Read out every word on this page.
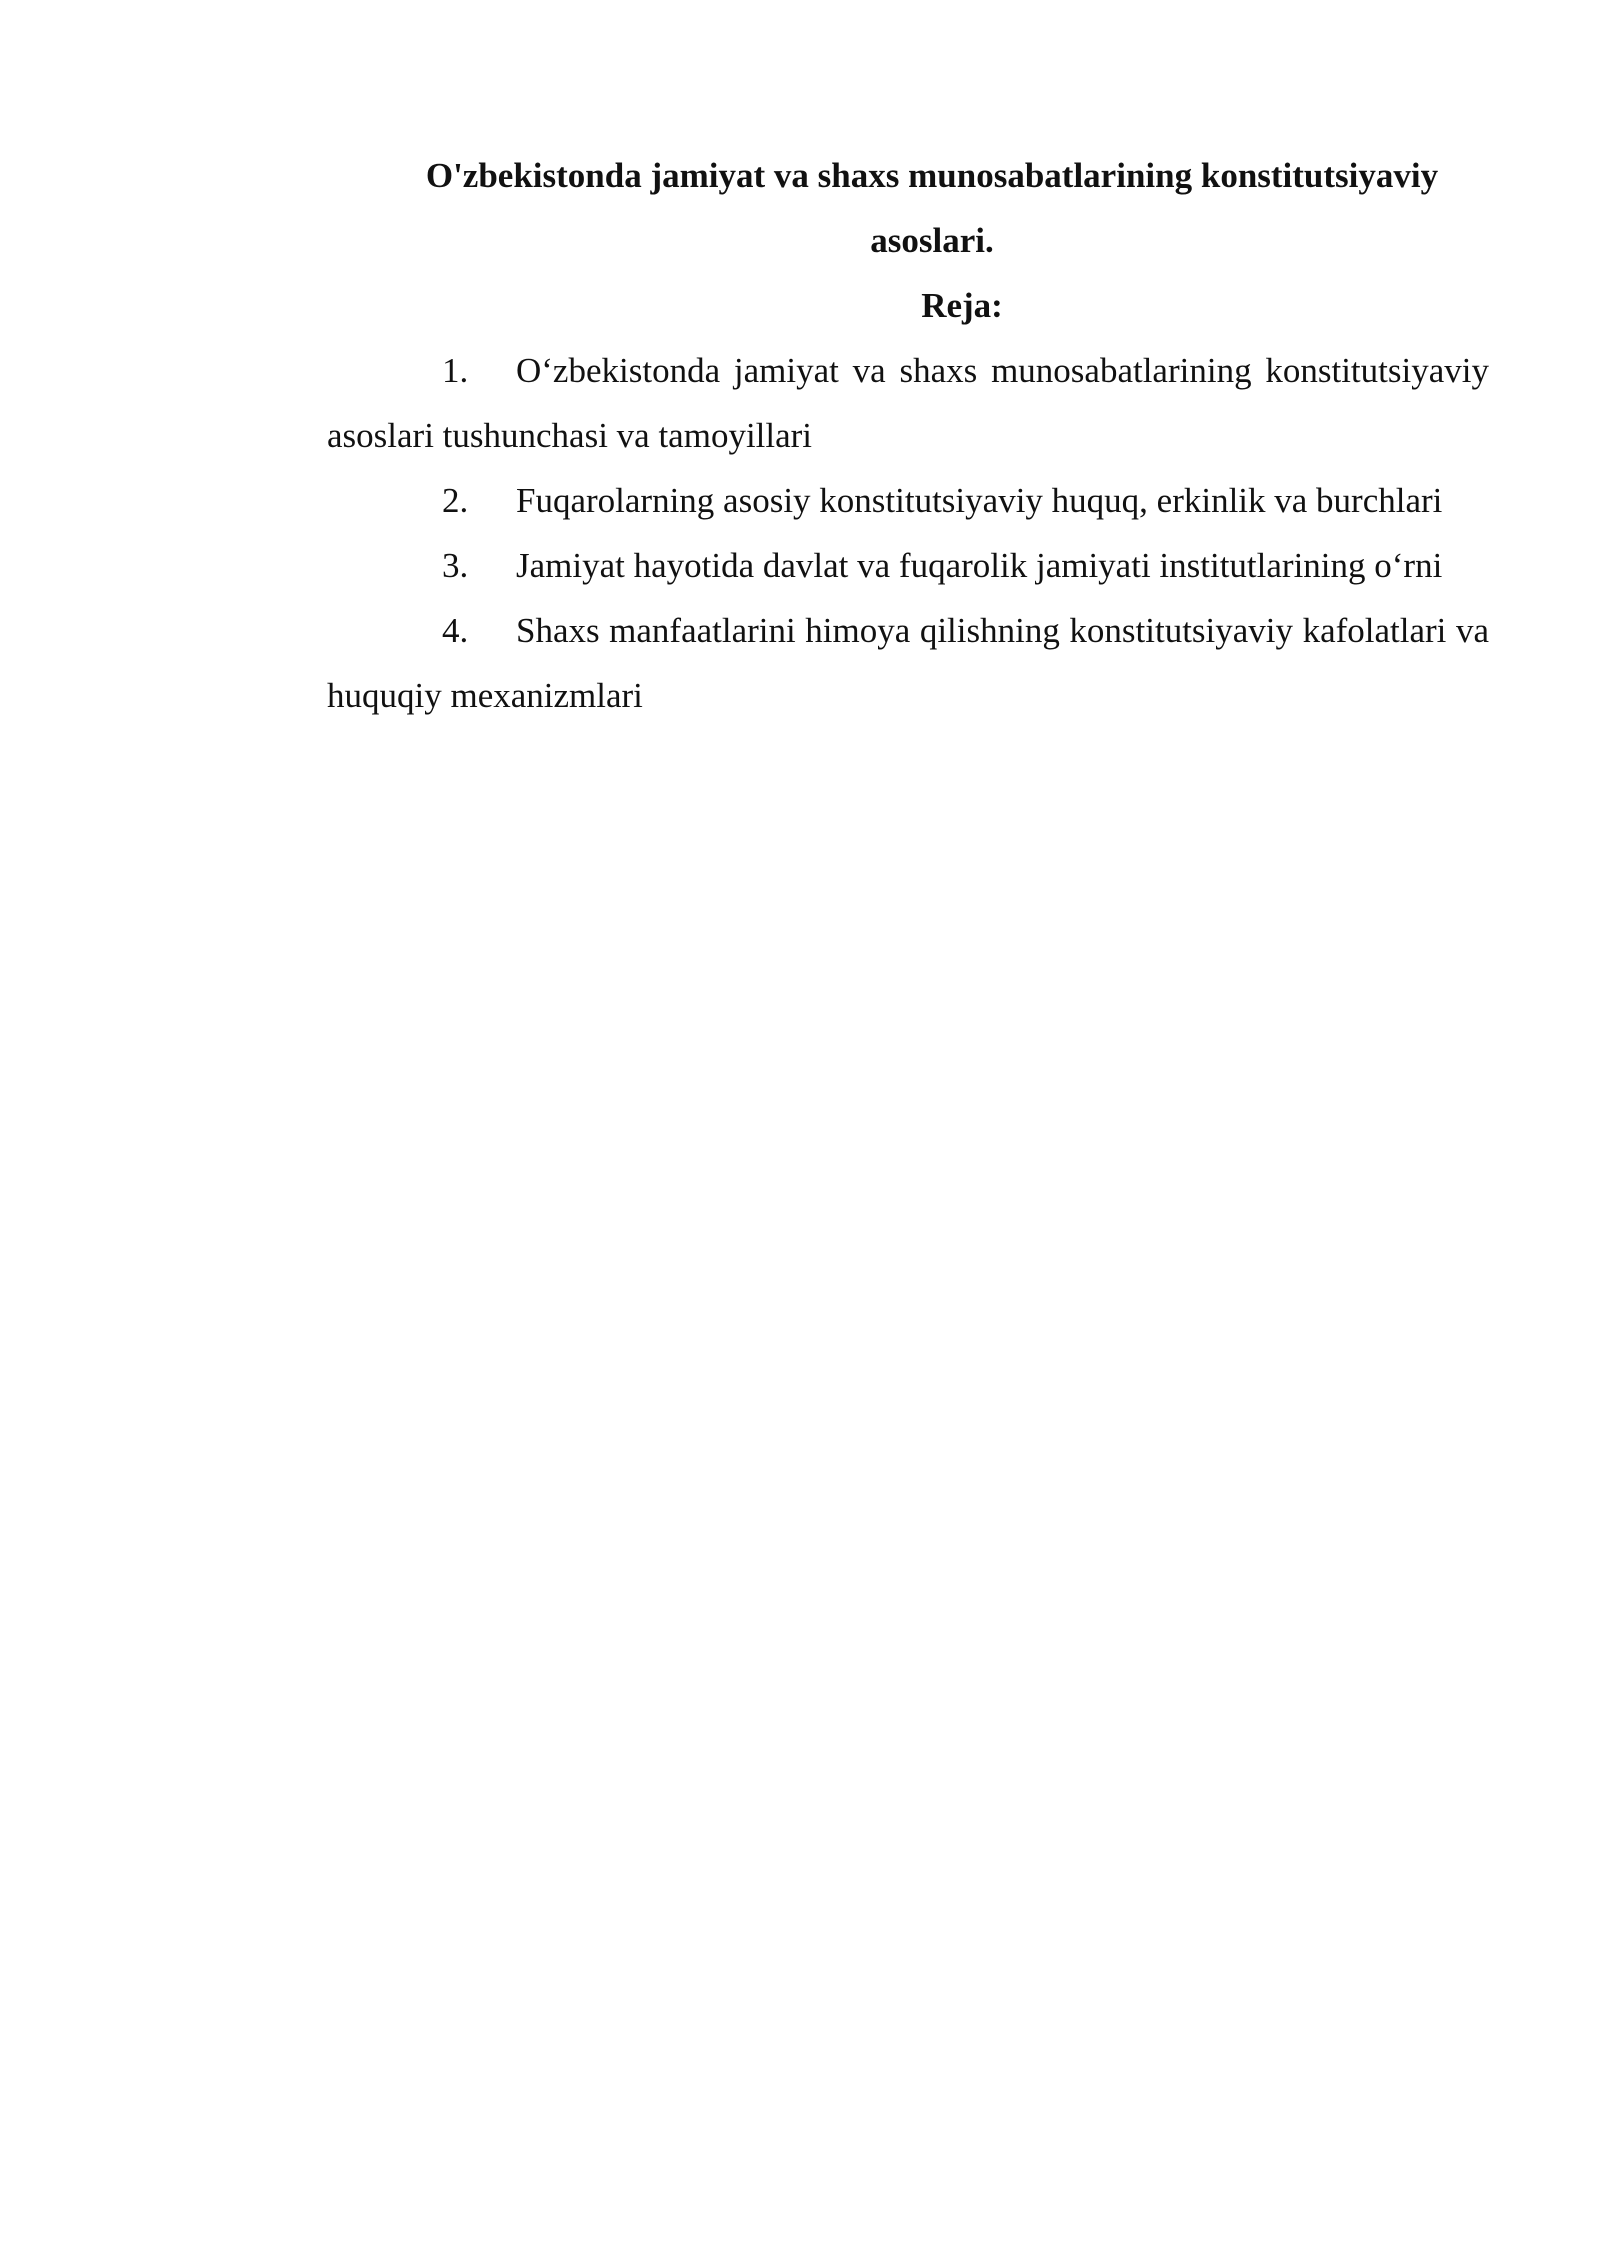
O'zbekistonda jamiyat va shaxs munosabatlarining konstitutsiyaviy asoslari.
Reja:
1. O‘zbekistonda jamiyat va shaxs munosabatlarining konstitutsiyaviy asoslari tushunchasi va tamoyillari
2. Fuqarolarning asosiy konstitutsiyaviy huquq, erkinlik va burchlari
3. Jamiyat hayotida davlat va fuqarolik jamiyati institutlarining o‘rni
4. Shaxs manfaatlarini himoya qilishning konstitutsiyaviy kafolatlari va huquqiy mexanizmlari
